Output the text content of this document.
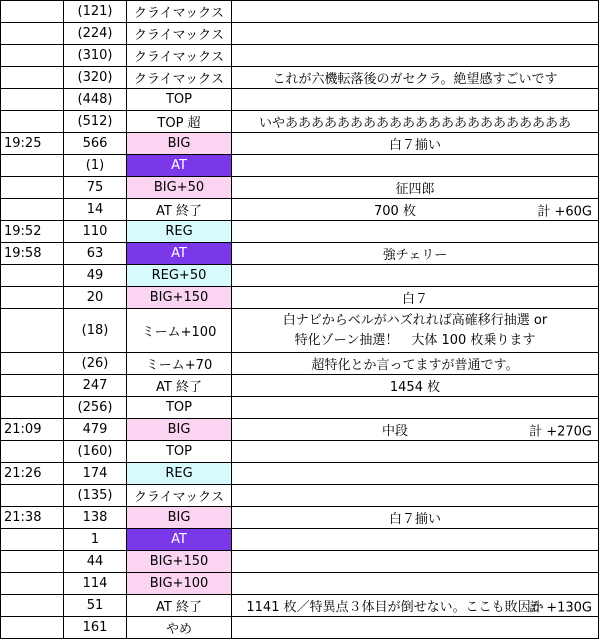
	(121)	クライマックス	

	(224)	クライマックス	

	(310)	クライマックス	

	(320)	クライマックス	これが六機転落後のガセクラ。絶望感すごいです

	(448)	TOP	

	(512)	TOP 超	いやああああああああああああああああああああああ

19:25	566	BIG	白７揃い

	(1)	AT	

	75	BIG+50	征四郎

	14	AT 終了	700 枚 計 +60G

19:52	110	REG	

19:58	63	AT	強チェリー

	49	REG+50	

	20	BIG+150	白７

	(18)	ミーム+100	白ナビからベルがハズれれば高確移行抽選 or
特化ゾーン抽選！　大体 100 枚乗ります

	(26)	ミーム+70	超特化とか言ってますが普通です。

	247	AT 終了	1454 枚

	(256)	TOP	

21:09	479	BIG	中段 計 +270G

	(160)	TOP	

21:26	174	REG	

	(135)	クライマックス	

21:38	138	BIG	白７揃い

	1	AT	

	44	BIG+150	

	114	BIG+100	

	51	AT 終了	1141 枚／特異点３体目が倒せない。ここも敗因か
計 +130G

	161	やめ	
